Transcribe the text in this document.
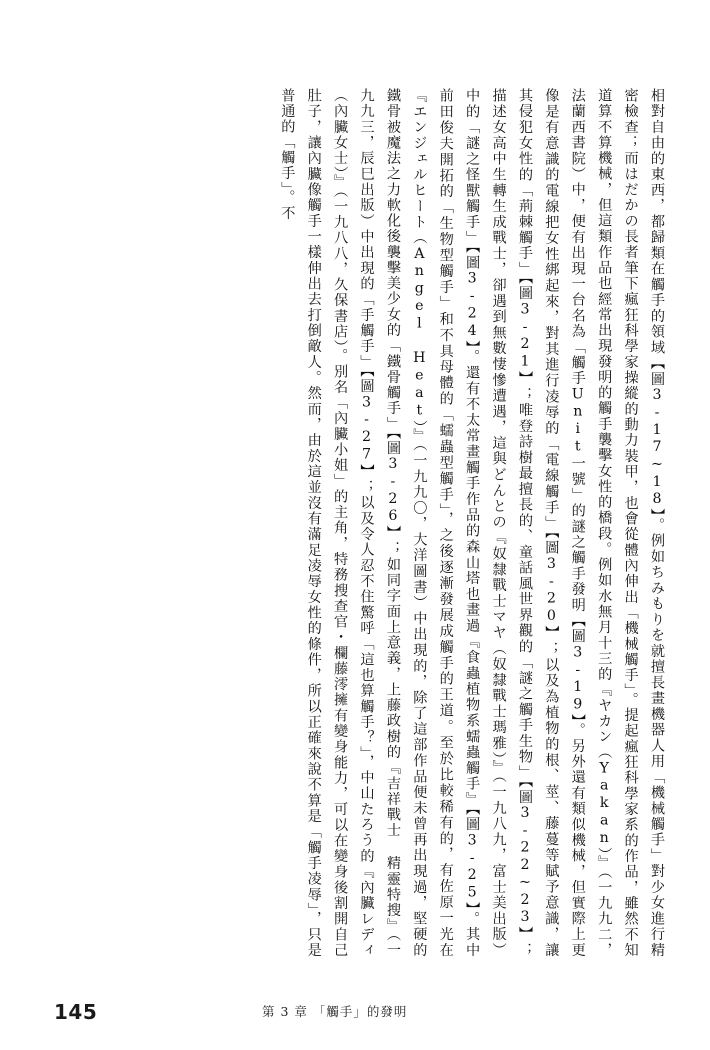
相對自由的東西，都歸類在觸手的領域【圖3-17~18】。例如ちみもりを就擅長畫機器人用「機械觸手」對少女進行精密檢查；而はだかの長者筆下瘋狂科學家操縱的動力裝甲，也會從體內伸出「機械觸手」。提起瘋狂科學家系的作品，雖然不知道算不算機械，但這類作品也經常出現發明的觸手襲擊女性的橋段。例如水無月十三的『ヤカン（Yakan）』（一九九二，法蘭西書院）中，便有出現一台名為「觸手Unit一號」的謎之觸手發明【圖3-19】。另外還有類似機械，但實際上更像是有意識的電線把女性綁起來，對其進行凌辱的「電線觸手」【圖3-20】；以及為植物的根、莖、藤蔓等賦予意識，讓其侵犯女性的「荊棘觸手」【圖3-21】；唯登詩樹最擅長的、童話風世界觀的「謎之觸手生物」【圖3-22~23】；描述女高中生轉生成戰士，卻遇到無數悽慘遭遇，這與どんとの『奴隸戰士マヤ（奴隸戰士瑪雅）』（一九八九，富士美出版）中的「謎之怪獸觸手」【圖3-24】。還有不太常畫觸手作品的森山塔也畫過『食蟲植物系蠕蟲觸手』【圖3-25】。其中前田俊夫開拓的「生物型觸手」和不具母體的「蠕蟲型觸手」，之後逐漸發展成觸手的王道。至於比較稀有的，有佐原一光在『エンジェルヒート（Angel Heat）』（一九九〇，大洋圖書）中出現的，除了這部作品便未曾再出現過，堅硬的鐵骨被魔法之力軟化後襲擊美少女的「鐵骨觸手」【圖3-26】；如同字面上意義，上藤政樹的『吉祥戰士 精靈特搜』（一九九三，辰巳出版）中出現的「手觸手」【圖3-27】；以及令人忍不住驚呼「這也算觸手？」，中山たろう的『內臟レディ（內臟女士）』（一九八八，久保書店）。別名「內臟小姐」的主角，特務搜查官・欄藤澪擁有變身能力，可以在變身後割開自己肚子，讓內臟像觸手一樣伸出去打倒敵人。然而，由於這並沒有滿足凌辱女性的條件，所以正確來說不算是「觸手凌辱」，只是普通的「觸手」。不
145	第 3 章 「觸手」的發明
